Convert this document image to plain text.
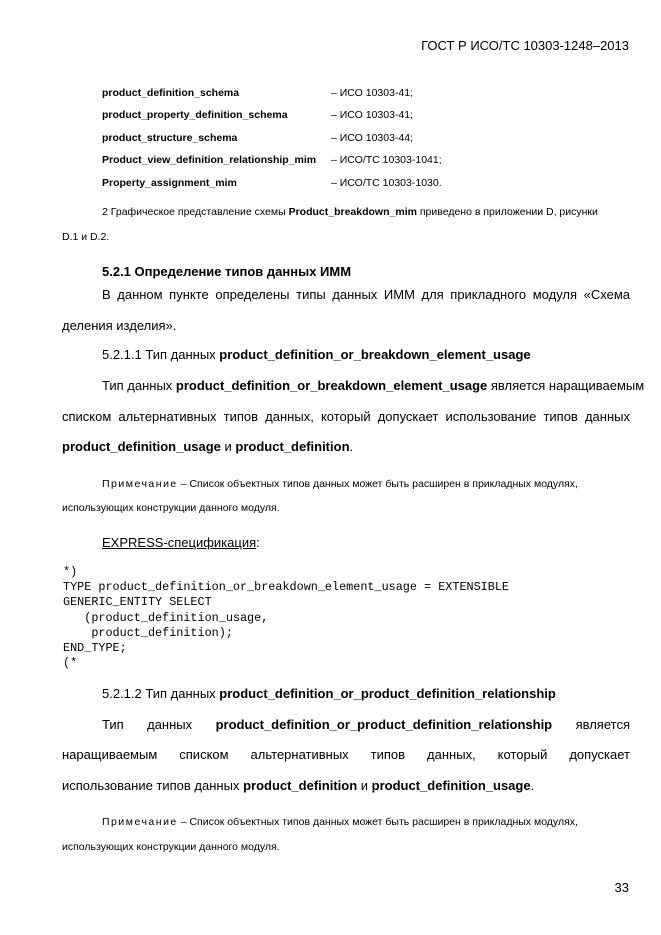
ГОСТ Р ИСО/ТС 10303-1248–2013
product_definition_schema	– ИСО 10303-41;
product_property_definition_schema	– ИСО 10303-41;
product_structure_schema	– ИСО 10303-44;
Product_view_definition_relationship_mim – ИСО/ТС 10303-1041;
Property_assignment_mim	– ИСО/ТС 10303-1030.
2 Графическое представление схемы Product_breakdown_mim приведено в приложении D, рисунки
D.1 и D.2.
5.2.1 Определение типов данных ИММ
В данном пункте определены типы данных ИММ для прикладного модуля «Схема
деления изделия».
5.2.1.1 Тип данных product_definition_or_breakdown_element_usage
Тип данных product_definition_or_breakdown_element_usage является наращиваемым
списком альтернативных типов данных, который допускает использование типов данных
product_definition_usage и product_definition.
Примечание – Список объектных типов данных может быть расширен в прикладных модулях,
использующих конструкции данного модуля.
EXPRESS-спецификация:
*)
TYPE product_definition_or_breakdown_element_usage = EXTENSIBLE
GENERIC_ENTITY SELECT
(product_definition_usage,
product_definition);
END_TYPE;
(*
5.2.1.2 Тип данных product_definition_or_product_definition_relationship
Тип данных product_definition_or_product_definition_relationship является
наращиваемым списком альтернативных типов данных, который допускает
использование типов данных product_definition и product_definition_usage.
Примечание – Список объектных типов данных может быть расширен в прикладных модулях,
использующих конструкции данного модуля.
33
